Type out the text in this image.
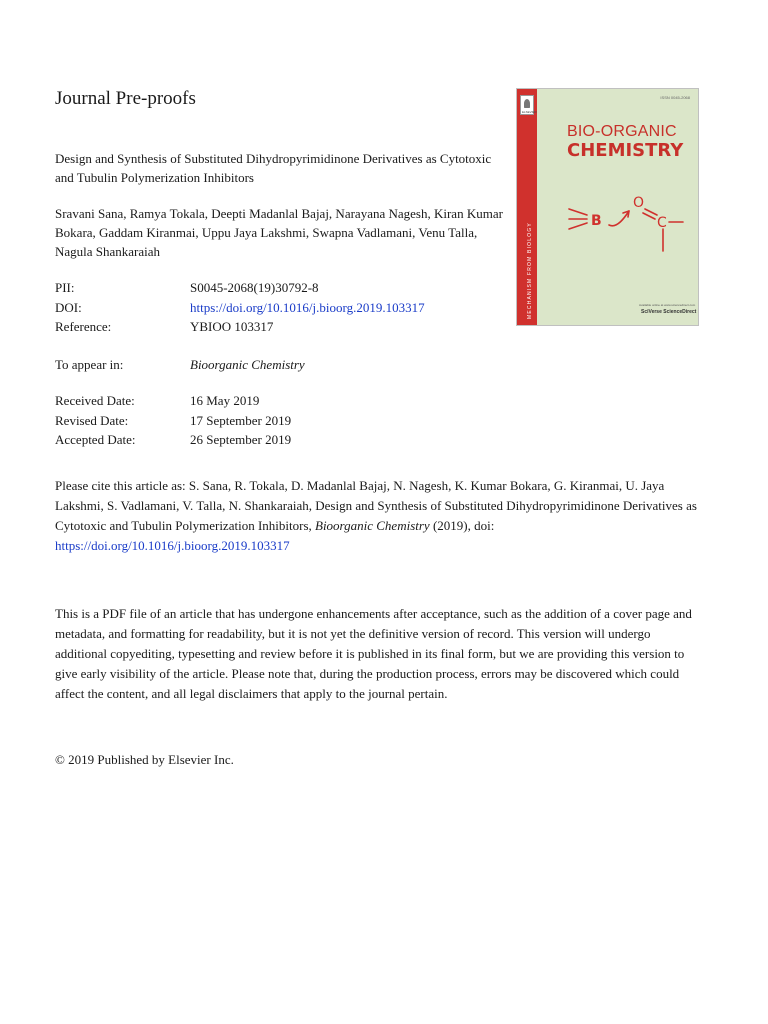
Journal Pre-proofs
Design and Synthesis of Substituted Dihydropyrimidinone Derivatives as Cytotoxic and Tubulin Polymerization Inhibitors
Sravani Sana, Ramya Tokala, Deepti Madanlal Bajaj, Narayana Nagesh, Kiran Kumar Bokara, Gaddam Kiranmai, Uppu Jaya Lakshmi, Swapna Vadlamani, Venu Talla, Nagula Shankaraiah
PII:	S0045-2068(19)30792-8
DOI:	https://doi.org/10.1016/j.bioorg.2019.103317
Reference:	YBIOO 103317
To appear in:	Bioorganic Chemistry
Received Date:	16 May 2019
Revised Date:	17 September 2019
Accepted Date:	26 September 2019
Please cite this article as: S. Sana, R. Tokala, D. Madanlal Bajaj, N. Nagesh, K. Kumar Bokara, G. Kiranmai, U. Jaya Lakshmi, S. Vadlamani, V. Talla, N. Shankaraiah, Design and Synthesis of Substituted Dihydropyrimidinone Derivatives as Cytotoxic and Tubulin Polymerization Inhibitors, Bioorganic Chemistry (2019), doi: https://doi.org/10.1016/j.bioorg.2019.103317
This is a PDF file of an article that has undergone enhancements after acceptance, such as the addition of a cover page and metadata, and formatting for readability, but it is not yet the definitive version of record. This version will undergo additional copyediting, typesetting and review before it is published in its final form, but we are providing this version to give early visibility of the article. Please note that, during the production process, errors may be discovered which could affect the content, and all legal disclaimers that apply to the journal pertain.
© 2019 Published by Elsevier Inc.
ELSEVIER
MECHANISM FROM BIOLOGY
ISSN 0045-2068
BIO-ORGANIC
CHEMISTRY
B
O
C
Available online at www.sciencedirect.com
SciVerse ScienceDirect
